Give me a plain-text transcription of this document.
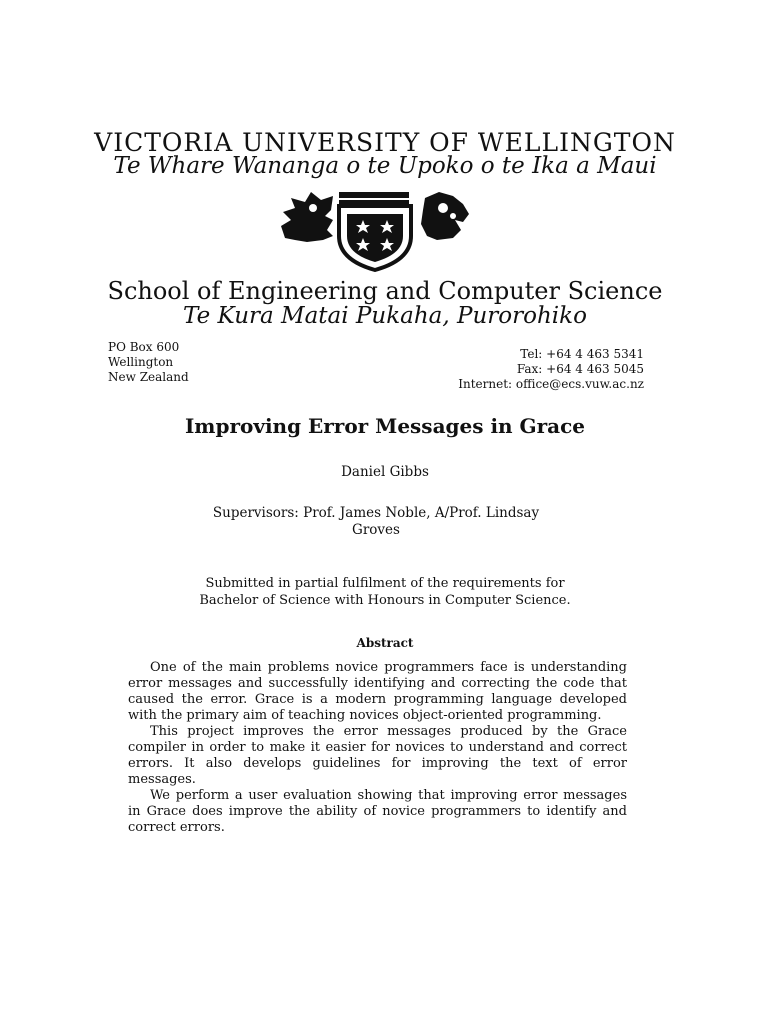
VICTORIA UNIVERSITY OF WELLINGTON
Te Whare Wananga o te Upoko o te Ika a Maui
School of Engineering and Computer Science
Te Kura Matai Pukaha, Purorohiko
PO Box 600
Wellington
New Zealand
Tel: +64 4 463 5341
Fax: +64 4 463 5045
Internet: office@ecs.vuw.ac.nz
Improving Error Messages in Grace
Daniel Gibbs
Supervisors: Prof. James Noble, A/Prof. Lindsay Groves
Submitted in partial fulfilment of the requirements for
Bachelor of Science with Honours in Computer Science.
Abstract

One of the main problems novice programmers face is understanding error messages and successfully identifying and correcting the code that caused the error. Grace is a modern programming language developed with the primary aim of teaching novices object-oriented programming.

This project improves the error messages produced by the Grace compiler in order to make it easier for novices to understand and correct errors. It also develops guidelines for improving the text of error messages.

We perform a user evaluation showing that improving error messages in Grace does improve the ability of novice programmers to identify and correct errors.
